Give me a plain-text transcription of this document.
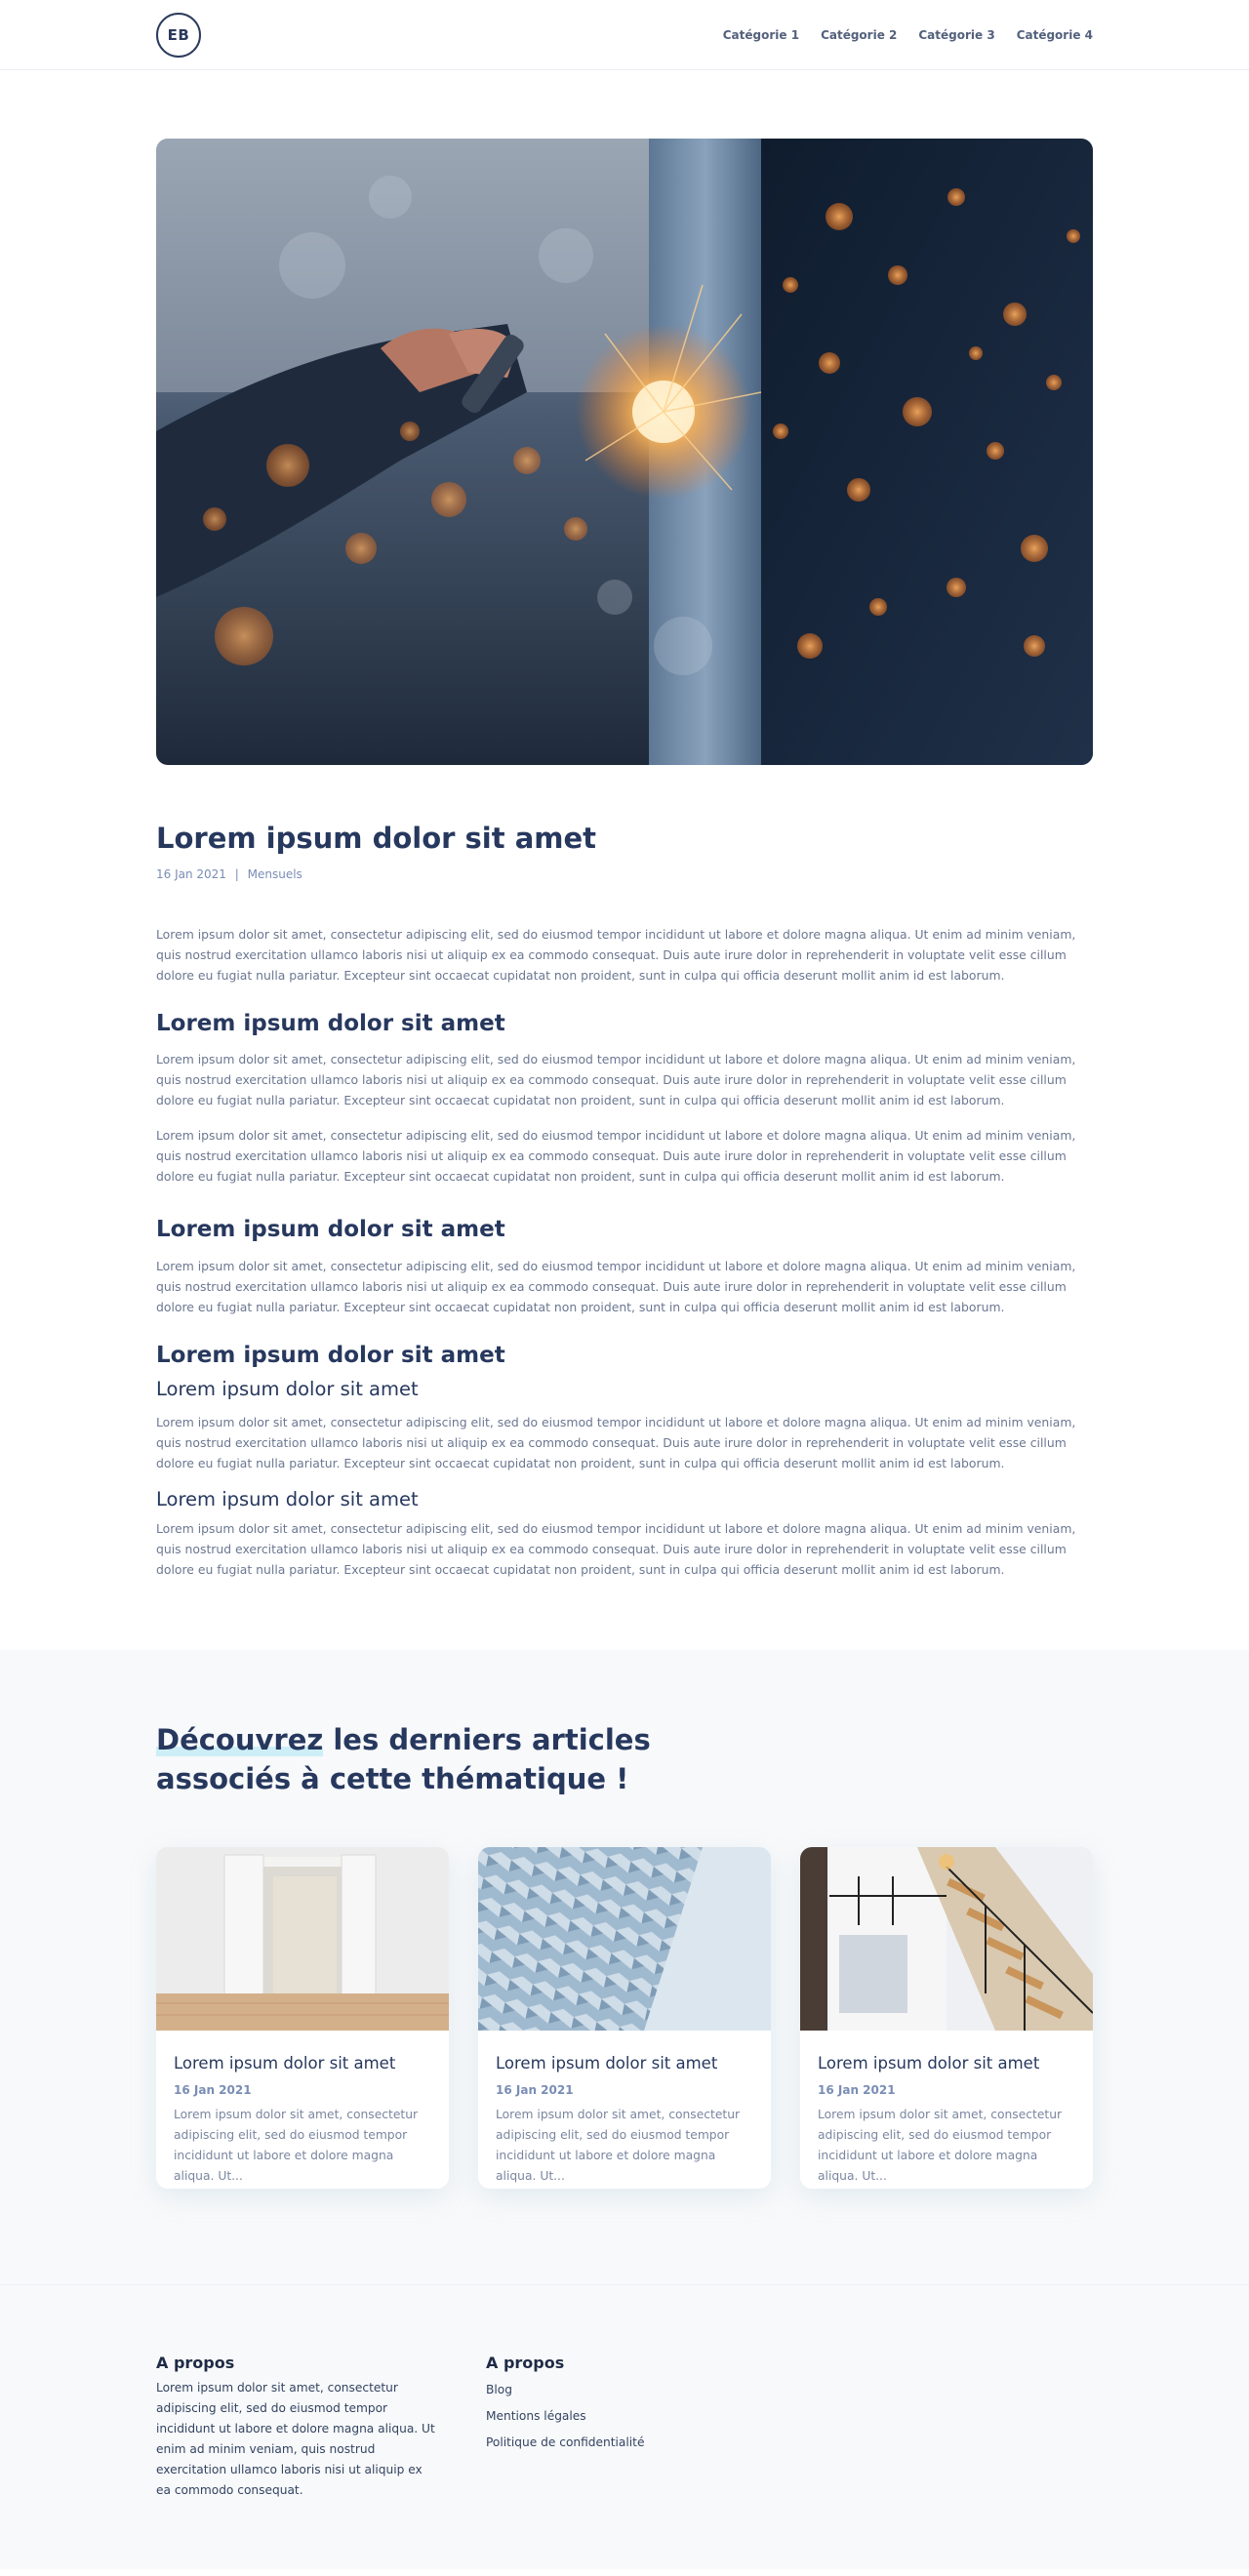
EB	Catégorie 1 Catégorie 2 Catégorie 3 Catégorie 4
Lorem ipsum dolor sit amet
16 Jan 2021 | Mensuels

Lorem ipsum dolor sit amet, consectetur adipiscing elit, sed do eiusmod tempor incididunt ut labore et dolore magna aliqua. Ut enim ad minim veniam, quis nostrud exercitation ullamco laboris nisi ut aliquip ex ea commodo consequat. Duis aute irure dolor in reprehenderit in voluptate velit esse cillum dolore eu fugiat nulla pariatur. Excepteur sint occaecat cupidatat non proident, sunt in culpa qui officia deserunt mollit anim id est laborum.

Lorem ipsum dolor sit amet

Lorem ipsum dolor sit amet, consectetur adipiscing elit, sed do eiusmod tempor incididunt ut labore et dolore magna aliqua. Ut enim ad minim veniam, quis nostrud exercitation ullamco laboris nisi ut aliquip ex ea commodo consequat. Duis aute irure dolor in reprehenderit in voluptate velit esse cillum dolore eu fugiat nulla pariatur. Excepteur sint occaecat cupidatat non proident, sunt in culpa qui officia deserunt mollit anim id est laborum.

Lorem ipsum dolor sit amet, consectetur adipiscing elit, sed do eiusmod tempor incididunt ut labore et dolore magna aliqua. Ut enim ad minim veniam, quis nostrud exercitation ullamco laboris nisi ut aliquip ex ea commodo consequat. Duis aute irure dolor in reprehenderit in voluptate velit esse cillum dolore eu fugiat nulla pariatur. Excepteur sint occaecat cupidatat non proident, sunt in culpa qui officia deserunt mollit anim id est laborum.

Lorem ipsum dolor sit amet

Lorem ipsum dolor sit amet, consectetur adipiscing elit, sed do eiusmod tempor incididunt ut labore et dolore magna aliqua. Ut enim ad minim veniam, quis nostrud exercitation ullamco laboris nisi ut aliquip ex ea commodo consequat. Duis aute irure dolor in reprehenderit in voluptate velit esse cillum dolore eu fugiat nulla pariatur. Excepteur sint occaecat cupidatat non proident, sunt in culpa qui officia deserunt mollit anim id est laborum.

Lorem ipsum dolor sit amet
Lorem ipsum dolor sit amet

Lorem ipsum dolor sit amet, consectetur adipiscing elit, sed do eiusmod tempor incididunt ut labore et dolore magna aliqua. Ut enim ad minim veniam, quis nostrud exercitation ullamco laboris nisi ut aliquip ex ea commodo consequat. Duis aute irure dolor in reprehenderit in voluptate velit esse cillum dolore eu fugiat nulla pariatur. Excepteur sint occaecat cupidatat non proident, sunt in culpa qui officia deserunt mollit anim id est laborum.

Lorem ipsum dolor sit amet

Lorem ipsum dolor sit amet, consectetur adipiscing elit, sed do eiusmod tempor incididunt ut labore et dolore magna aliqua. Ut enim ad minim veniam, quis nostrud exercitation ullamco laboris nisi ut aliquip ex ea commodo consequat. Duis aute irure dolor in reprehenderit in voluptate velit esse cillum dolore eu fugiat nulla pariatur. Excepteur sint occaecat cupidatat non proident, sunt in culpa qui officia deserunt mollit anim id est laborum.

Découvrez les derniers articles
associés à cette thématique !
Lorem ipsum dolor sit amet
16 Jan 2021
Lorem ipsum dolor sit amet, consectetur adipiscing elit, sed do eiusmod tempor incididunt ut labore et dolore magna aliqua. Ut...
Lorem ipsum dolor sit amet
16 Jan 2021
Lorem ipsum dolor sit amet, consectetur adipiscing elit, sed do eiusmod tempor incididunt ut labore et dolore magna aliqua. Ut...
Lorem ipsum dolor sit amet
16 Jan 2021
Lorem ipsum dolor sit amet, consectetur adipiscing elit, sed do eiusmod tempor incididunt ut labore et dolore magna aliqua. Ut...
A propos

Lorem ipsum dolor sit amet, consectetur adipiscing elit, sed do eiusmod tempor incididunt ut labore et dolore magna aliqua. Ut enim ad minim veniam, quis nostrud exercitation ullamco laboris nisi ut aliquip ex ea commodo consequat.

A propos
Blog
Mentions légales
Politique de confidentialité
